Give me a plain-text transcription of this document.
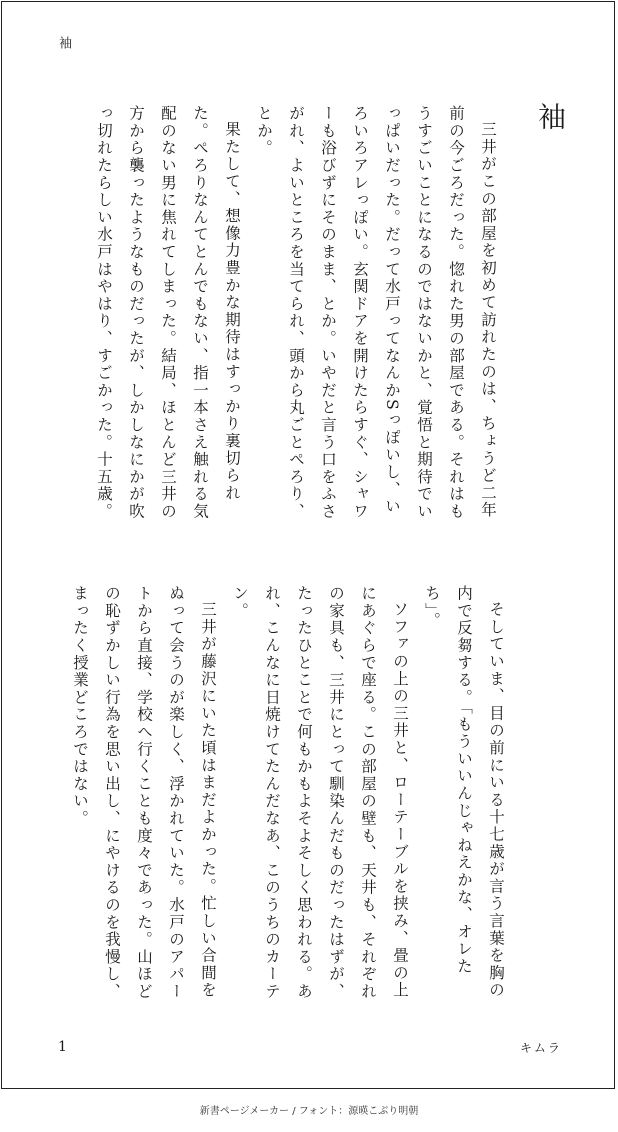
袖
袖

三井がこの部屋を初めて訪れたのは、ちょうど二年前の今ごろだった。惚れた男の部屋である。それはもうすごいことになるのではないかと、覚悟と期待でいっぱいだった。だって水戸ってなんかSっぽいし、いろいろアレっぽい。玄関ドアを開けたらすぐ、シャワーも浴びずにそのまま、とか。いやだと言う口をふさがれ、よいところを当てられ、頭から丸ごとぺろり、とか。

果たして、想像力豊かな期待はすっかり裏切られた。ぺろりなんてとんでもない、指一本さえ触れる気配のない男に焦れてしまった。結局、ほとんど三井の方から襲ったようなものだったが、しかしなにかが吹っ切れたらしい水戸はやはり、すごかった。十五歳。

そしていま、目の前にいる十七歳が言う言葉を胸の内で反芻する。「もういいんじゃねえかな、オレたち」。

ソファの上の三井と、ローテーブルを挟み、畳の上にあぐらで座る。この部屋の壁も、天井も、それぞれの家具も、三井にとって馴染んだものだったはずが、たったひとことで何もかもよそよそしく思われる。あれ、こんなに日焼けてたんだなあ、このうちのカーテン。

三井が藤沢にいた頃はまだよかった。忙しい合間をぬって会うのが楽しく、浮かれていた。水戸のアパートから直接、学校へ行くことも度々であった。山ほどの恥ずかしい行為を思い出し、にやけるのを我慢し、まったく授業どころではない。

1	キムラ
新書ページメーカー / フォント：源暎こぶり明朝
